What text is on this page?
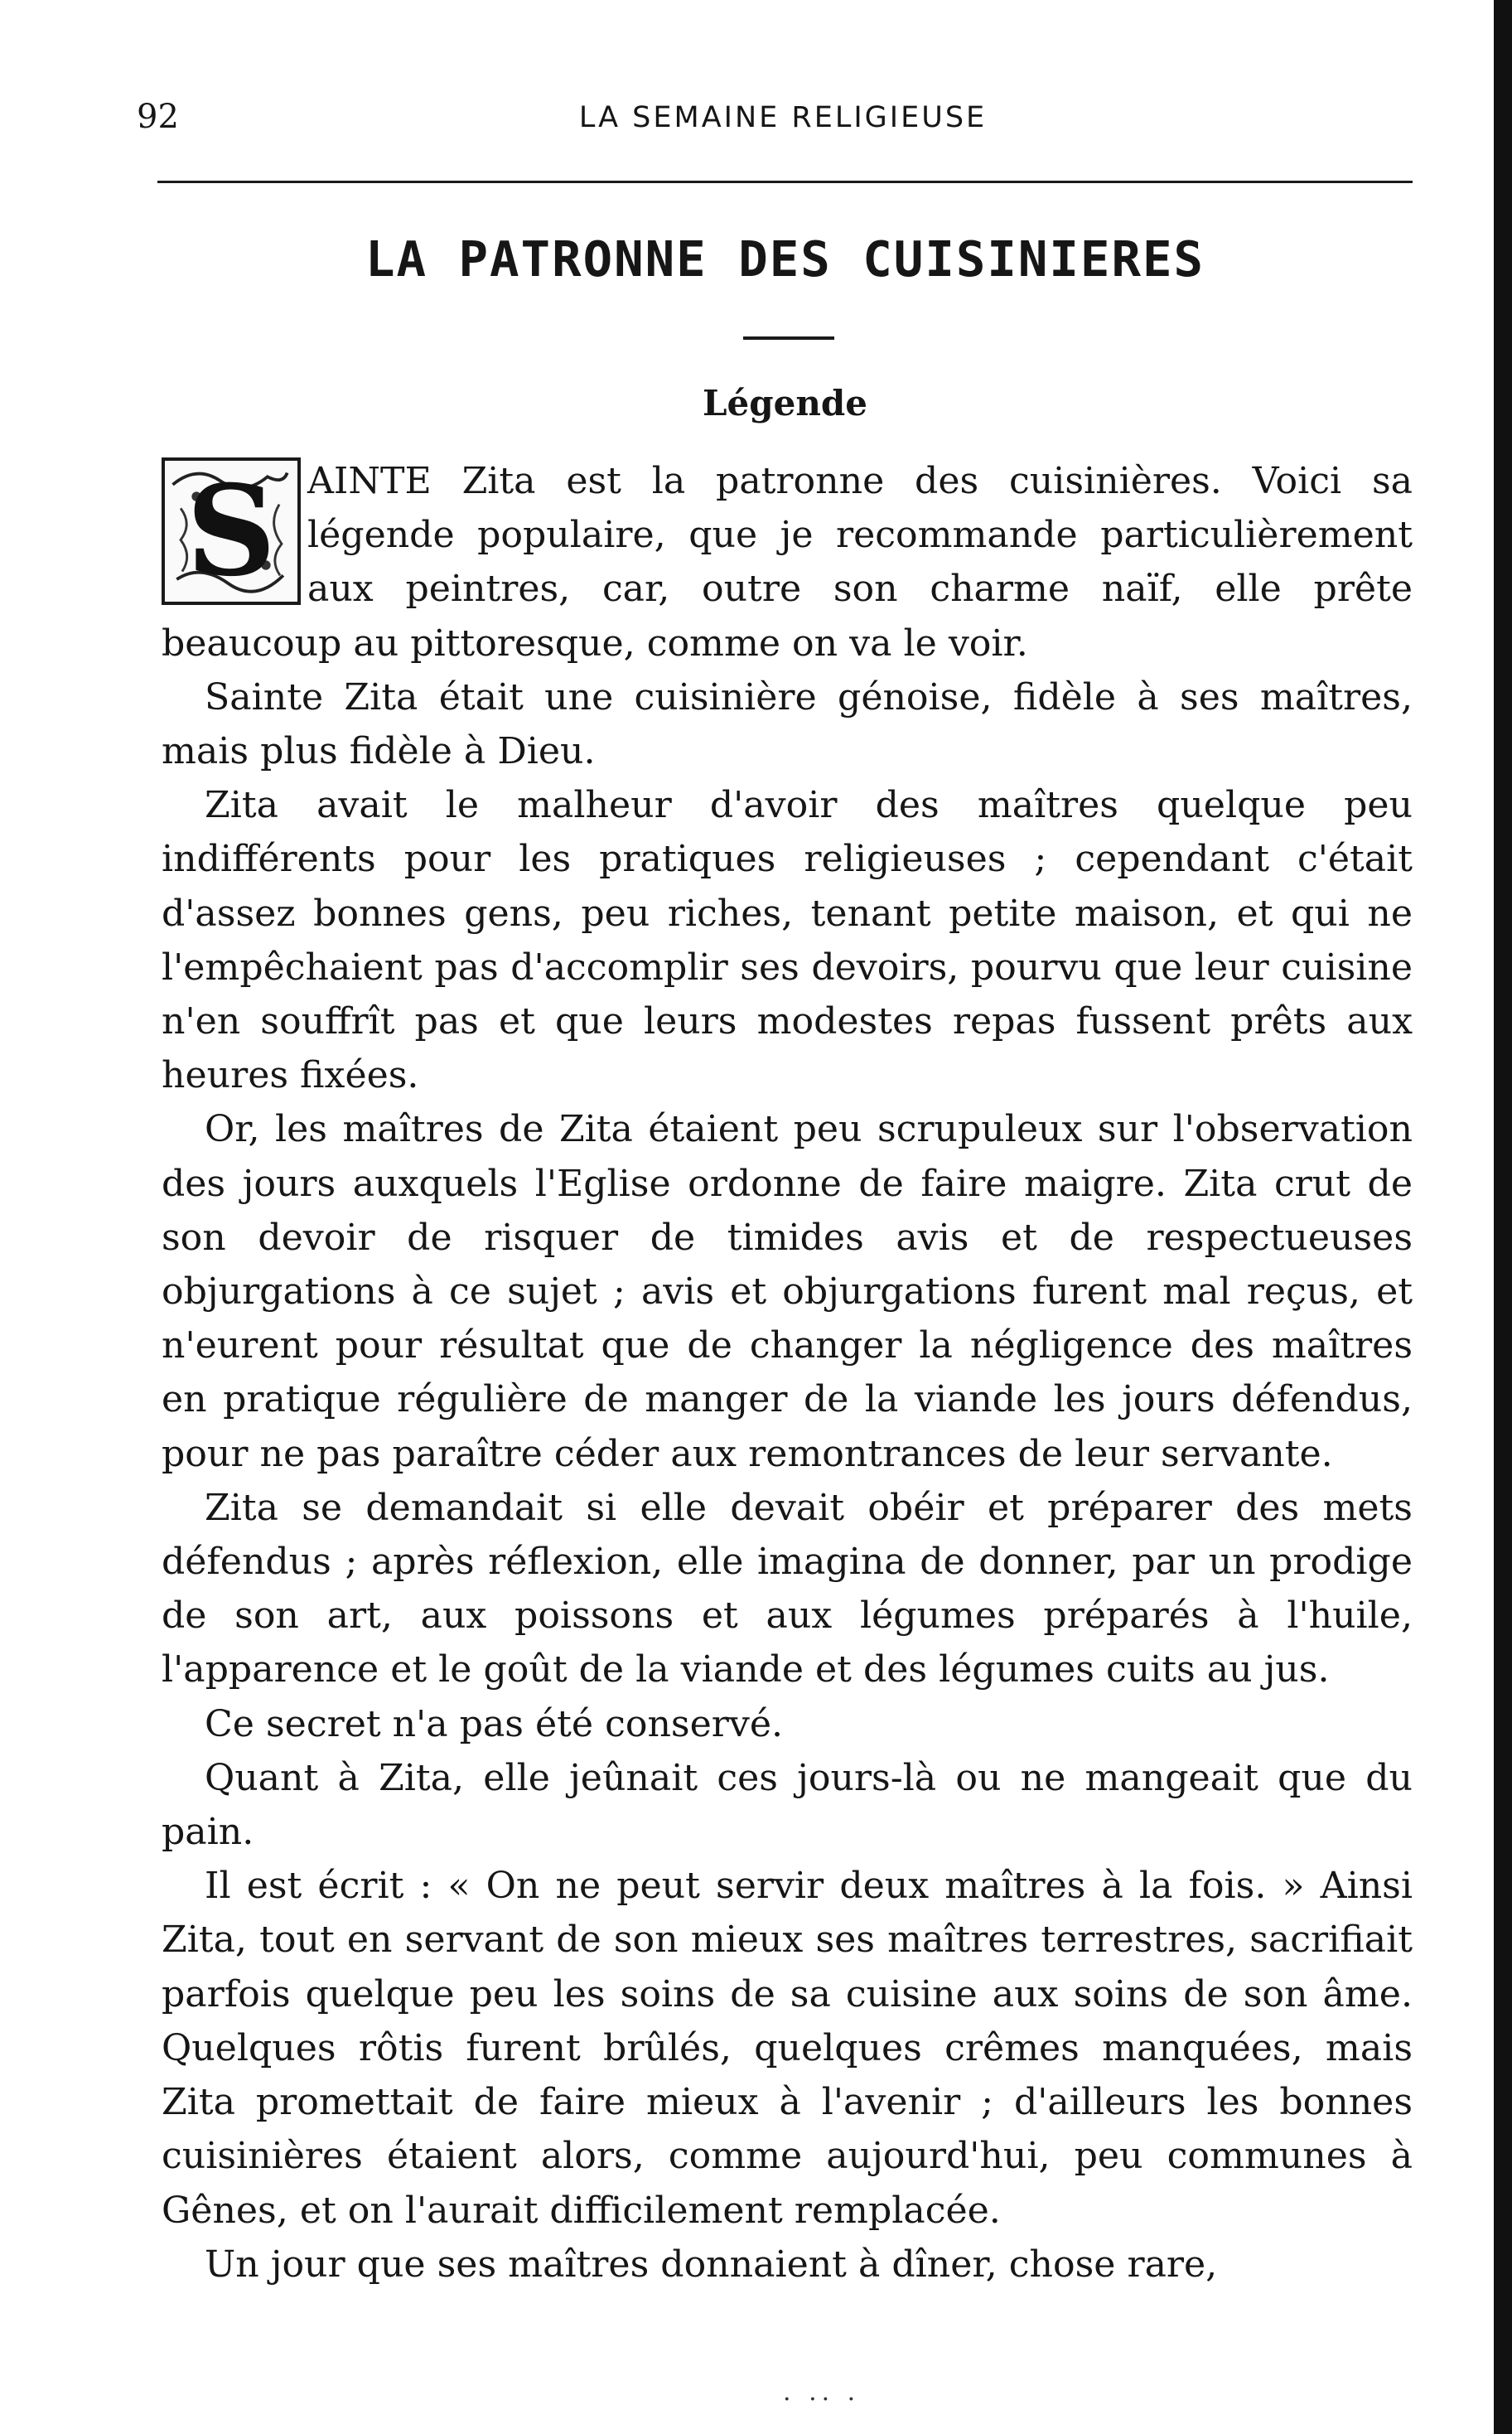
92	LA SEMAINE RELIGIEUSE
LA PATRONNE DES CUISINIERES
Légende

S AINTE Zita est la patronne des cuisinières. Voici sa légende populaire, que je recommande particulièrement aux peintres, car, outre son charme naïf, elle prête beaucoup au pittoresque, comme on va le voir.

Sainte Zita était une cuisinière génoise, fidèle à ses maîtres, mais plus fidèle à Dieu.

Zita avait le malheur d'avoir des maîtres quelque peu indifférents pour les pratiques religieuses ; cependant c'était d'assez bonnes gens, peu riches, tenant petite maison, et qui ne l'empêchaient pas d'accomplir ses devoirs, pourvu que leur cuisine n'en souffrît pas et que leurs modestes repas fussent prêts aux heures fixées.

Or, les maîtres de Zita étaient peu scrupuleux sur l'observation des jours auxquels l'Eglise ordonne de faire maigre. Zita crut de son devoir de risquer de timides avis et de respectueuses objurgations à ce sujet ; avis et objurgations furent mal reçus, et n'eurent pour résultat que de changer la négligence des maîtres en pratique régulière de manger de la viande les jours défendus, pour ne pas paraître céder aux remontrances de leur servante.

Zita se demandait si elle devait obéir et préparer des mets défendus ; après réflexion, elle imagina de donner, par un prodige de son art, aux poissons et aux légumes préparés à l'huile, l'apparence et le goût de la viande et des légumes cuits au jus.

Ce secret n'a pas été conservé.

Quant à Zita, elle jeûnait ces jours-là ou ne mangeait que du pain.

Il est écrit : « On ne peut servir deux maîtres à la fois. » Ainsi Zita, tout en servant de son mieux ses maîtres terrestres, sacrifiait parfois quelque peu les soins de sa cuisine aux soins de son âme. Quelques rôtis furent brûlés, quelques crêmes manquées, mais Zita promettait de faire mieux à l'avenir ; d'ailleurs les bonnes cuisinières étaient alors, comme aujourd'hui, peu communes à Gênes, et on l'aurait difficilement remplacée.

Un jour que ses maîtres donnaient à dîner, chose rare,

· ·· ·
